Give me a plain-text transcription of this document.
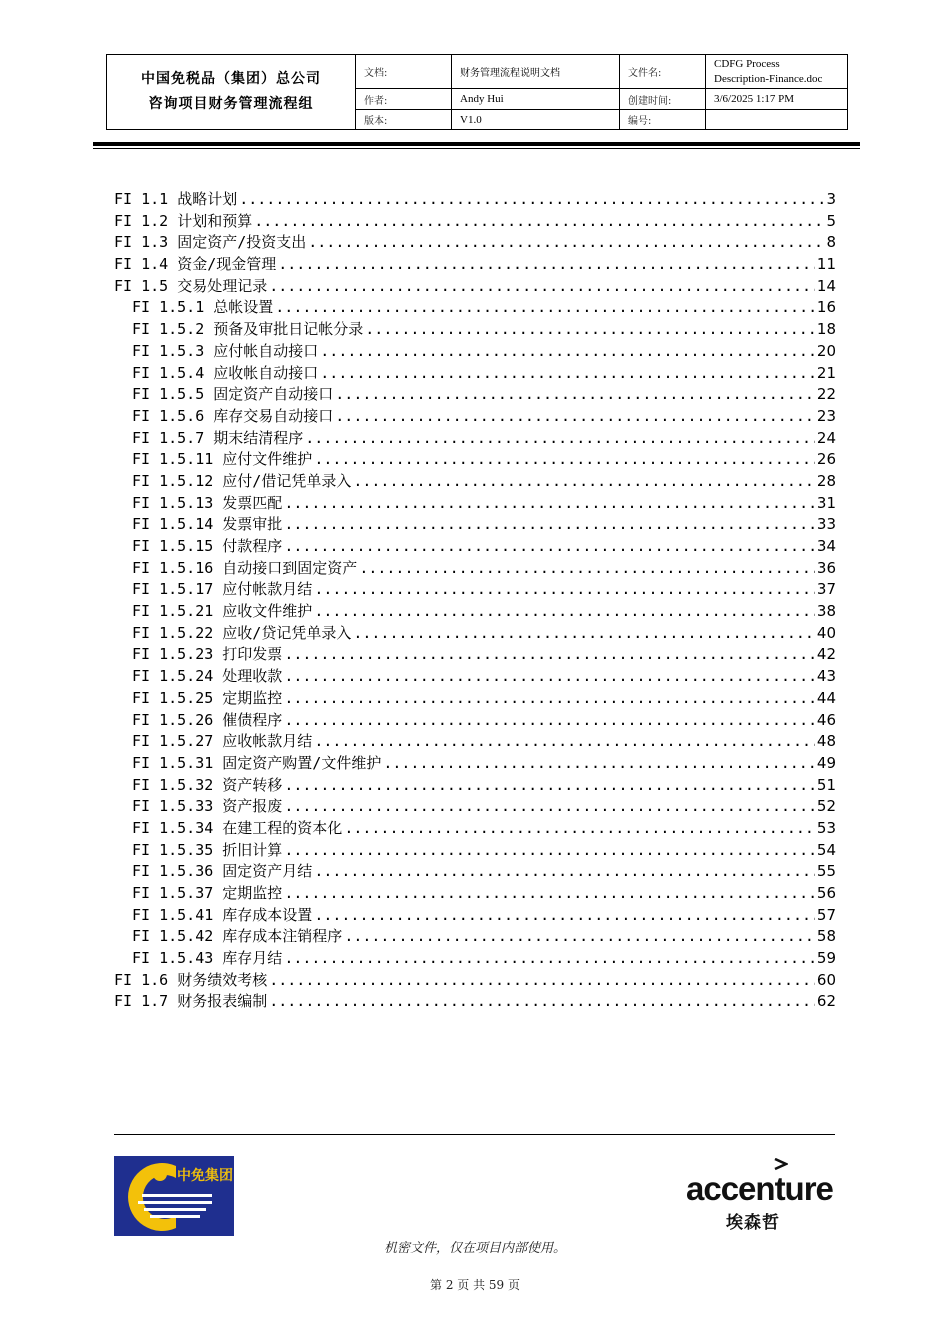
中国免税品（集团）总公司
咨询项目财务管理流程组
文档:	财务管理流程说明文档	文件名:
CDFG Process
Description-Finance.doc
作者:	Andy Hui	创建时间:	3/6/2025 1:17 PM
版本:	V1.0	编号:
FI 1.1 战略计划 .....	3
FI 1.2 计划和预算 .....	5
FI 1.3 固定资产/投资支出 .....	8
FI 1.4 资金/现金管理 .....	11
FI 1.5 交易处理记录 .....	14
FI 1.5.1 总帐设置 .....	16
FI 1.5.2 预备及审批日记帐分录 .....	18
FI 1.5.3 应付帐自动接口 .....	20
FI 1.5.4 应收帐自动接口 .....	21
FI 1.5.5 固定资产自动接口 .....	22
FI 1.5.6 库存交易自动接口 .....	23
FI 1.5.7 期末结清程序 .....	24
FI 1.5.11 应付文件维护 .....	26
FI 1.5.12 应付/借记凭单录入 .....	28
FI 1.5.13 发票匹配 .....	31
FI 1.5.14 发票审批 .....	33
FI 1.5.15 付款程序 .....	34
FI 1.5.16 自动接口到固定资产 .....	36
FI 1.5.17 应付帐款月结 .....	37
FI 1.5.21 应收文件维护 .....	38
FI 1.5.22 应收/贷记凭单录入 .....	40
FI 1.5.23 打印发票 .....	42
FI 1.5.24 处理收款 .....	43
FI 1.5.25 定期监控 .....	44
FI 1.5.26 催债程序 .....	46
FI 1.5.27 应收帐款月结 .....	48
FI 1.5.31 固定资产购置/文件维护 .....	49
FI 1.5.32 资产转移 .....	51
FI 1.5.33 资产报废 .....	52
FI 1.5.34 在建工程的资本化 .....	53
FI 1.5.35 折旧计算 .....	54
FI 1.5.36 固定资产月结 .....	55
FI 1.5.37 定期监控 .....	56
FI 1.5.41 库存成本设置 .....	57
FI 1.5.42 库存成本注销程序 .....	58
FI 1.5.43 库存月结 .....	59
FI 1.6 财务绩效考核 .....	60
FI 1.7 财务报表编制 .....	62
中免集团	accenture
埃森哲
机密文件，仅在项目内部使用。
第 2 页 共 59 页
